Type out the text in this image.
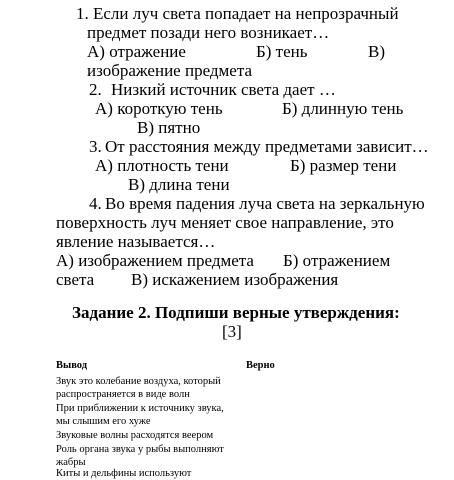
1. Если луч света попадает на непрозрачный
предмет позади него возникает…
А) отражение	Б) тень	В)
изображение предмета
2. Низкий источник света дает …
А) короткую тень	Б) длинную тень
В) пятно
3. От расстояния между предметами зависит…
А) плотность тени	Б) размер тени
В) длина тени
4. Во время падения луча света на зеркальную
поверхность луч меняет свое направление, это
явление называется…
А) изображением предмета Б) отражением
света В) искажением изображения
Задание 2. Подпиши верные утверждения:
[3]
Вывод	Верно
Звук это колебание воздуха, который
распространяется в виде волн
При приближении к источнику звука,
мы слышим его хуже
Звуковые волны расходятся веером
Роль органа звука у рыбы выполняют
жабры
Киты и дельфины используют
